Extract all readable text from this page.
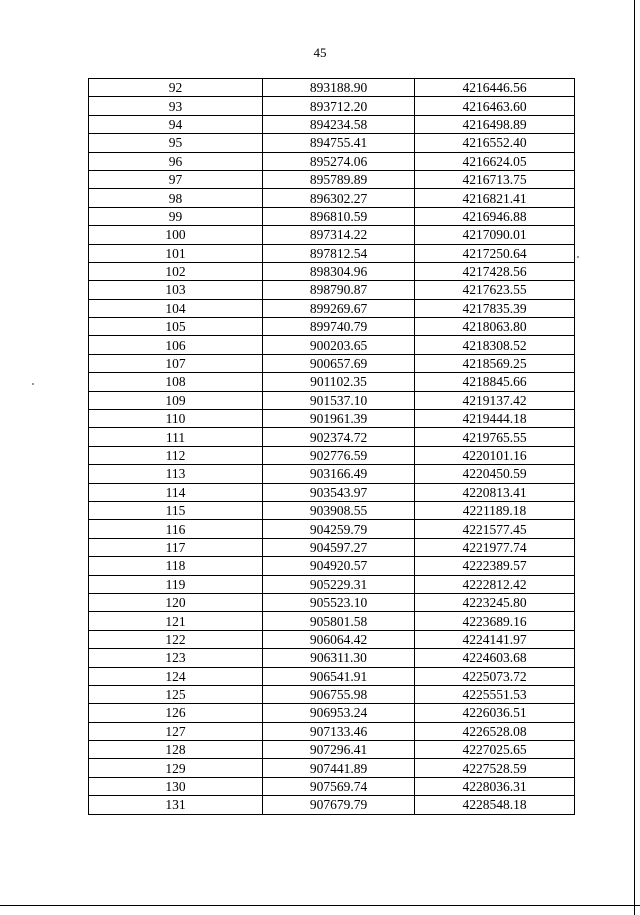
45
92	893188.90	4216446.56
93	893712.20	4216463.60
94	894234.58	4216498.89
95	894755.41	4216552.40
96	895274.06	4216624.05
97	895789.89	4216713.75
98	896302.27	4216821.41
99	896810.59	4216946.88
100	897314.22	4217090.01
101	897812.54	4217250.64
102	898304.96	4217428.56
103	898790.87	4217623.55
104	899269.67	4217835.39
105	899740.79	4218063.80
106	900203.65	4218308.52
107	900657.69	4218569.25
108	901102.35	4218845.66
109	901537.10	4219137.42
110	901961.39	4219444.18
111	902374.72	4219765.55
112	902776.59	4220101.16
113	903166.49	4220450.59
114	903543.97	4220813.41
115	903908.55	4221189.18
116	904259.79	4221577.45
117	904597.27	4221977.74
118	904920.57	4222389.57
119	905229.31	4222812.42
120	905523.10	4223245.80
121	905801.58	4223689.16
122	906064.42	4224141.97
123	906311.30	4224603.68
124	906541.91	4225073.72
125	906755.98	4225551.53
126	906953.24	4226036.51
127	907133.46	4226528.08
128	907296.41	4227025.65
129	907441.89	4227528.59
130	907569.74	4228036.31
131	907679.79	4228548.18
